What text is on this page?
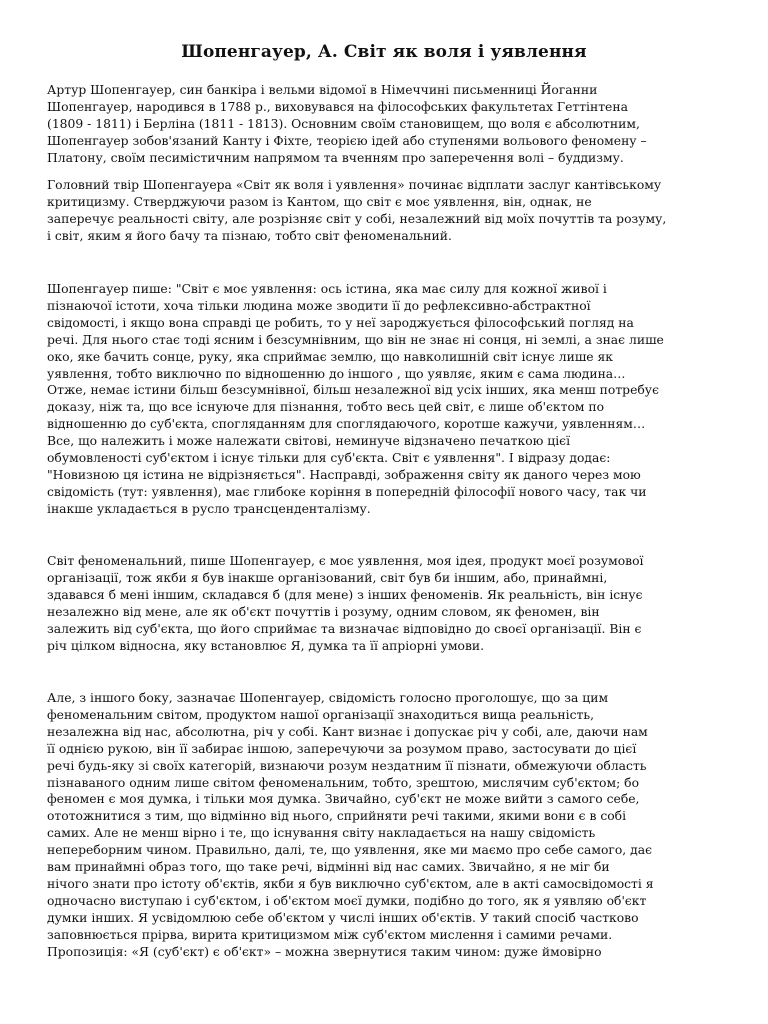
Шопенгауер, А. Світ як воля і уявлення
Артур Шопенгауер, син банкіра і вельми відомої в Німеччині письменниці Йоганни
Шопенгауер, народився в 1788 р., виховувався на філософських факультетах Геттінтена
(1809 - 1811) і Берліна (1811 - 1813). Основним своїм становищем, що воля є абсолютним,
Шопенгауер зобов'язаний Канту і Фіхте, теорією ідей або ступенями вольового феномену –
Платону, своїм песимістичним напрямом та вченням про заперечення волі – буддизму.
Головний твір Шопенгауера «Світ як воля і уявлення» починає відплати заслуг кантівському
критицизму. Стверджуючи разом із Кантом, що світ є моє уявлення, він, однак, не
заперечує реальності світу, але розрізняє світ у собі, незалежний від моїх почуттів та розуму,
і світ, яким я його бачу та пізнаю, тобто світ феноменальний.
Шопенгауер пише: "Світ є моє уявлення: ось істина, яка має силу для кожної живої і
пізнаючої істоти, хоча тільки людина може зводити її до рефлексивно-абстрактної
свідомості, і якщо вона справді це робить, то у неї зароджується філософський погляд на
речі. Для нього стає тоді ясним і безсумнівним, що він не знає ні сонця, ні землі, а знає лише
око, яке бачить сонце, руку, яка сприймає землю, що навколишній світ існує лише як
уявлення, тобто виключно по відношенню до іншого , що уявляє, яким є сама людина…
Отже, немає істини більш безсумнівної, більш незалежної від усіх інших, яка менш потребує
доказу, ніж та, що все існуюче для пізнання, тобто весь цей світ, є лише об'єктом по
відношенню до суб'єкта, спогляданням для споглядаючого, коротше кажучи, уявленням…
Все, що належить і може належати світові, неминуче відзначено печаткою цієї
обумовленості суб'єктом і існує тільки для суб'єкта. Світ є уявлення". І відразу додає:
"Новизною ця істина не відрізняється". Насправді, зображення світу як даного через мою
свідомість (тут: уявлення), має глибоке коріння в попередній філософії нового часу, так чи
інакше укладається в русло трансценденталізму.
Світ феноменальний, пише Шопенгауер, є моє уявлення, моя ідея, продукт моєї розумової
організації, тож якби я був інакше організований, світ був би іншим, або, принаймні,
здавався б мені іншим, складався б (для мене) з інших феноменів. Як реальність, він існує
незалежно від мене, але як об'єкт почуттів і розуму, одним словом, як феномен, він
залежить від суб'єкта, що його сприймає та визначає відповідно до своєї організації. Він є
річ цілком відносна, яку встановлює Я, думка та її апріорні умови.
Але, з іншого боку, зазначає Шопенгауер, свідомість голосно проголошує, що за цим
феноменальним світом, продуктом нашої організації знаходиться вища реальність,
незалежна від нас, абсолютна, річ у собі. Кант визнає і допускає річ у собі, але, даючи нам
її однією рукою, він її забирає іншою, заперечуючи за розумом право, застосувати до цієї
речі будь-яку зі своїх категорій, визнаючи розум нездатним її пізнати, обмежуючи область
пізнаваного одним лише світом феноменальним, тобто, зрештою, мислячим суб'єктом; бо
феномен є моя думка, і тільки моя думка. Звичайно, суб'єкт не може вийти з самого себе,
ототожнитися з тим, що відмінно від нього, сприйняти речі такими, якими вони є в собі
самих. Але не менш вірно і те, що існування світу накладається на нашу свідомість
непереборним чином. Правильно, далі, те, що уявлення, яке ми маємо про себе самого, дає
вам принаймні образ того, що таке речі, відмінні від нас самих. Звичайно, я не міг би
нічого знати про істоту об'єктів, якби я був виключно суб'єктом, але в акті самосвідомості я
одночасно виступаю і суб'єктом, і об'єктом моєї думки, подібно до того, як я уявляю об'єкт
думки інших. Я усвідомлюю себе об'єктом у числі інших об'єктів. У такий спосіб частково
заповнюється прірва, вирита критицизмом між суб'єктом мислення і самими речами.
Пропозиція: «Я (суб'єкт) є об'єкт» – можна звернутися таким чином: дуже ймовірно
